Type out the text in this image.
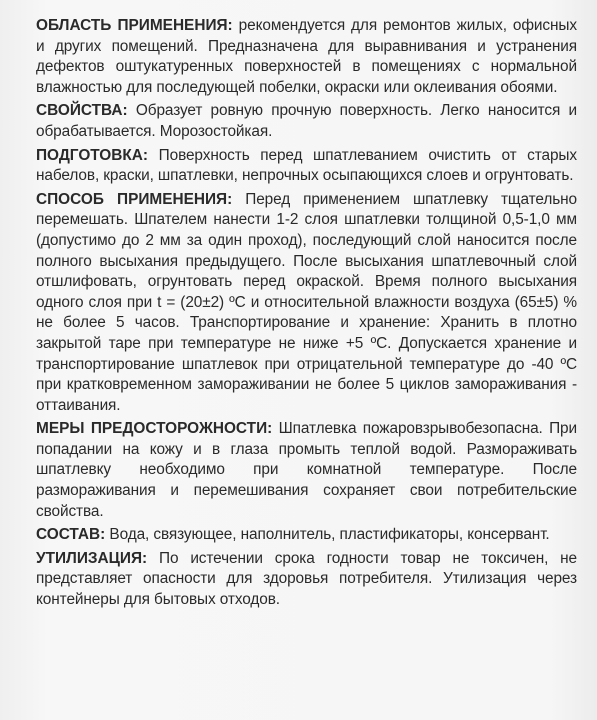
ОБЛАСТЬ ПРИМЕНЕНИЯ: рекомендуется для ремонтов жилых, офисных и других помещений. Предназначена для выравнивания и устранения дефектов оштукатуренных поверхностей в помещениях с нормальной влажностью для последующей побелки, окраски или оклеивания обоями.

СВОЙСТВА: Образует ровную прочную поверхность. Легко наносится и обрабатывается. Морозостойкая.

ПОДГОТОВКА: Поверхность перед шпатлеванием очистить от старых набелов, краски, шпатлевки, непрочных осыпающихся слоев и огрунтовать.

СПОСОБ ПРИМЕНЕНИЯ: Перед применением шпатлевку тщательно перемешать. Шпателем нанести 1-2 слоя шпатлевки толщиной 0,5-1,0 мм (допустимо до 2 мм за один проход), последующий слой наносится после полного высыхания предыдущего. После высыхания шпатлевочный слой отшлифовать, огрунтовать перед окраской. Время полного высыхания одного слоя при t = (20±2) ºС и относительной влажности воздуха (65±5) % не более 5 часов. Транспортирование и хранение: Хранить в плотно закрытой таре при температуре не ниже +5 ºС. Допускается хранение и транспортирование шпатлевок при отрицательной температуре до -40 ºС при кратковременном замораживании не более 5 циклов замораживания - оттаивания.

МЕРЫ ПРЕДОСТОРОЖНОСТИ: Шпатлевка пожаровзрывобезопасна. При попадании на кожу и в глаза промыть теплой водой. Размораживать шпатлевку необходимо при комнатной температуре. После размораживания и перемешивания сохраняет свои потребительские свойства.

СОСТАВ: Вода, связующее, наполнитель, пластификаторы, консервант.

УТИЛИЗАЦИЯ: По истечении срока годности товар не токсичен, не представляет опасности для здоровья потребителя. Утилизация через контейнеры для бытовых отходов.
